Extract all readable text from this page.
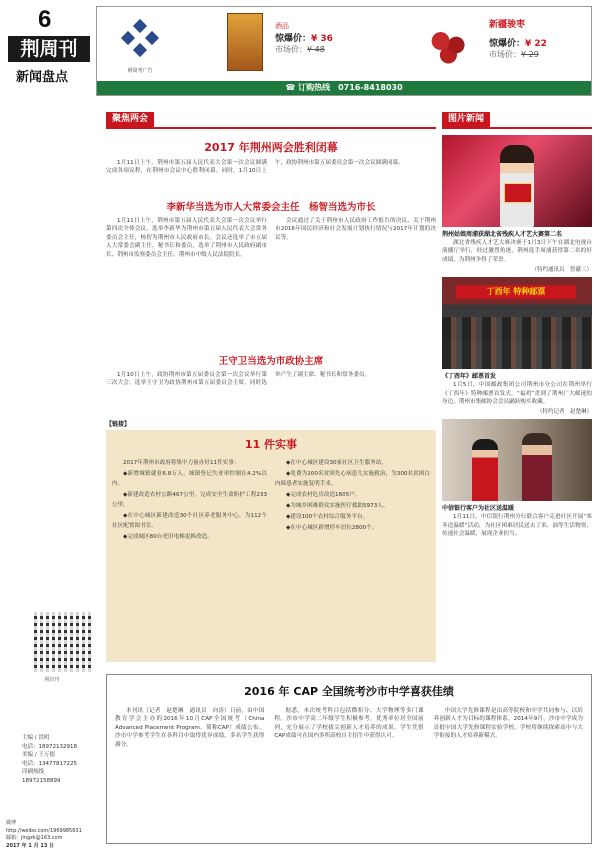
6
荆周刊
新闻盘点	荆周刊广告
酒品
惊爆价：¥ 36
市场价：¥ 48
新疆骏枣
惊爆价：¥ 22
市场价：¥ 29
☎ 订购热线　 0716-8418030
荆周刊
主编 / 洪明
电话：18972132918
美编 / 王万德
电话：13477817225
印刷热线
18972158899
微博
http://weibo.com/1969985631
邮箱：jingzk@163.com
2017 年 1 月 13 日
聚焦两会
2017 年荆州两会胜利闭幕

1月11日上午，荆州市第五届人民代表大会第一次会议圆满完成各项议程，在荆州市会议中心胜利闭幕。同时，1月10日上午，政协荆州市第五届委员会第一次会议圆满闭幕。

李新华当选为市人大常委会主任　杨智当选为市长

1月11日上午，荆州市第五届人民代表大会第一次会议举行第四次全体会议，选举李新华为荆州市第五届人民代表大会常务委员会主任，杨智为荆州市人民政府市长。会议还选举了市五届人大常委会副主任、秘书长和委员，选举了荆州市人民政府副市长、荆州市监察委员会主任、荆州市中级人民法院院长。

会议通过了关于荆州市人民政府工作报告的决议、关于荆州市2016年国民经济和社会发展计划执行情况与2017年计划的决议等。

王守卫当选为市政协主席

1月10日上午，政协荆州市第五届委员会第一次会议举行第三次大会，选举王守卫为政协荆州市第五届委员会主席，同时选举产生了副主席、秘书长和常务委员。

【链接】
11 件实事

2017年荆州市政府将集中力量办好11件实事：

◆新增城镇就业6.8万人，城镇登记失业率控制在4.2%以内。

◆新建改造农村公路467公里，完成安全生命防护工程233公里。

◆在中心城区新建改造30个社区养老服务中心，为112个社区配置图书室。

◆完成城区80台老旧电梯更换改造。

◆在中心城区建设30家社区卫生服务站。

◆免费为100名贫困先心病患儿实施救治，为300名贫困白内障患者实施复明手术。

◆完成农村危房改造1605户。

◆为城乡困难群众实施医疗救助5973人。

◆建设100个农村综合服务平台。

◆在中心城区新增停车泊位2800个。

图片新闻
荆州姑娘周浦获湖北省残疾人才艺大赛第二名

湖北省残疾人才艺大赛决赛于1月3日下午在湖北电视台演播厅举行，经过激烈角逐，荆州选手周浦获得第二名的好成绩，为荆州争得了荣誉。

（特约通讯员　曾献三）
丁酉年 特种邮票
《丁酉年》邮票首发

1月5日，中国邮政集团公司荆州市分公司在荆州举行《丁酉年》特种邮票首发式，“福鸡”喜到了荆州广大邮迷的身边，荆州市集邮协会会员踊跃购买收藏。

（特约记者　赵楚琳）
中信银行客户为社区送温暖

1月11日，中信银行荆州分行联合客户走进社区开展“寒冬送温暖”活动，为社区困难居民送去了米、油等生活物资，传递社会温暖，展现企业担当。

2016 年 CAP 全国统考沙市中学喜获佳绩

本刊讯（记者　赵楚琳　通讯员　向涛）日前，由中国教育学会主办的2016年10月CAP全国统考（China Advanced Placement Program，简称CAP）成绩公布。沙市中学参考学生在各科目中取得优异成绩，多名学生获得满分。

据悉，本次统考科目包括微积分、大学物理等多门课程。沙市中学高二年级学生积极参考，优秀率位居全国前列，充分展示了学校拔尖创新人才培养的成果。学生凭借CAP成绩可在国内多所高校自主招生中获得认可。

中国大学先修课程是由高等院校和中学共同参与、以培养创新人才为目标的课程体系。2014年9月，沙市中学成为首批中国大学先修课程实验学校，学校将继续探索高中与大学衔接的人才培养新模式。
